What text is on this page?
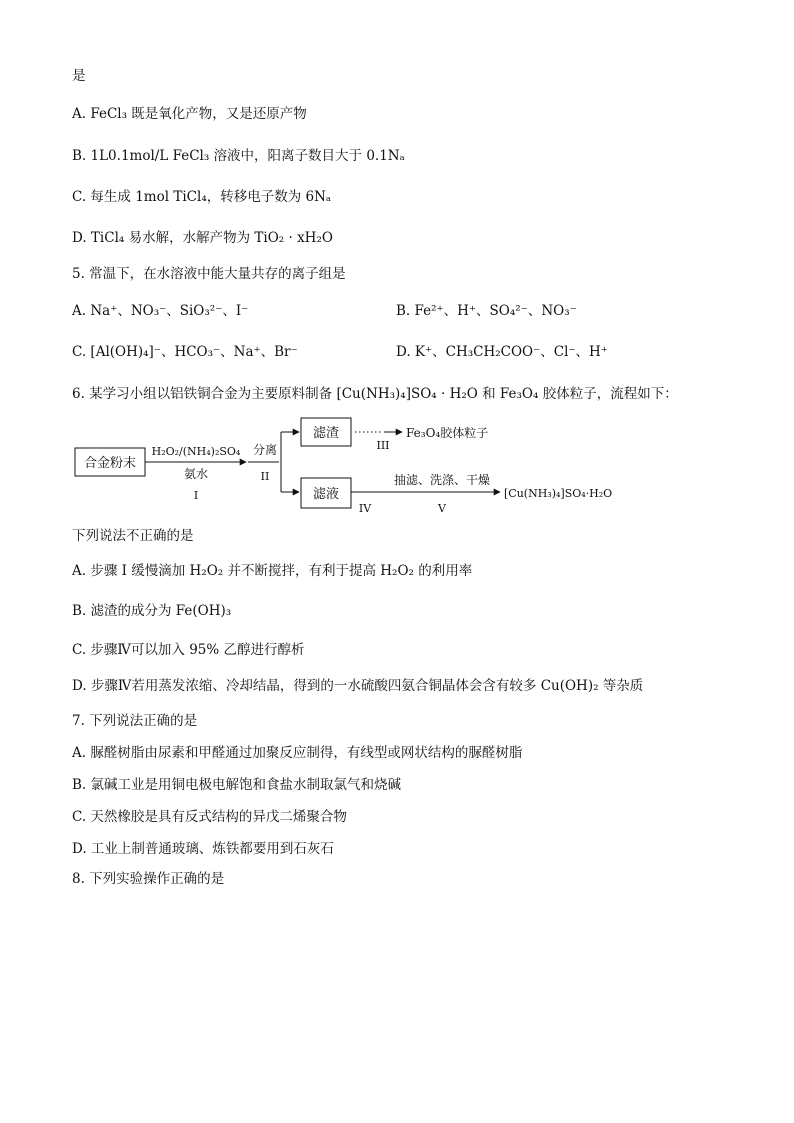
是
A. FeCl₃ 既是氧化产物，又是还原产物
B. 1L0.1mol/L FeCl₃ 溶液中，阳离子数目大于 0.1Nₐ
C. 每生成 1mol TiCl₄，转移电子数为 6Nₐ
D. TiCl₄ 易水解，水解产物为 TiO₂ · xH₂O
5. 常温下，在水溶液中能大量共存的离子组是
A. Na⁺、NO₃⁻、SiO₃²⁻、I⁻	B. Fe²⁺、H⁺、SO₄²⁻、NO₃⁻
C. [Al(OH)₄]⁻、HCO₃⁻、Na⁺、Br⁻	D. K⁺、CH₃CH₂COO⁻、Cl⁻、H⁺
6. 某学习小组以铝铁铜合金为主要原料制备 [Cu(NH₃)₄]SO₄ · H₂O 和 Fe₃O₄ 胶体粒子，流程如下：
合金粉末
H₂O₂/(NH₄)₂SO₄
氨水
I
分离
II
滤渣
III
Fe₃O₄胶体粒子
滤液
抽滤、洗涤、干燥
IV	V
[Cu(NH₃)₄]SO₄·H₂O
下列说法不正确的是
A. 步骤 I 缓慢滴加 H₂O₂ 并不断搅拌，有利于提高 H₂O₂ 的利用率
B. 滤渣的成分为 Fe(OH)₃
C. 步骤Ⅳ可以加入 95% 乙醇进行醇析
D. 步骤Ⅳ若用蒸发浓缩、冷却结晶，得到的一水硫酸四氨合铜晶体会含有较多 Cu(OH)₂ 等杂质
7. 下列说法正确的是
A. 脲醛树脂由尿素和甲醛通过加聚反应制得，有线型或网状结构的脲醛树脂
B. 氯碱工业是用铜电极电解饱和食盐水制取氯气和烧碱
C. 天然橡胶是具有反式结构的异戊二烯聚合物
D. 工业上制普通玻璃、炼铁都要用到石灰石
8. 下列实验操作正确的是
